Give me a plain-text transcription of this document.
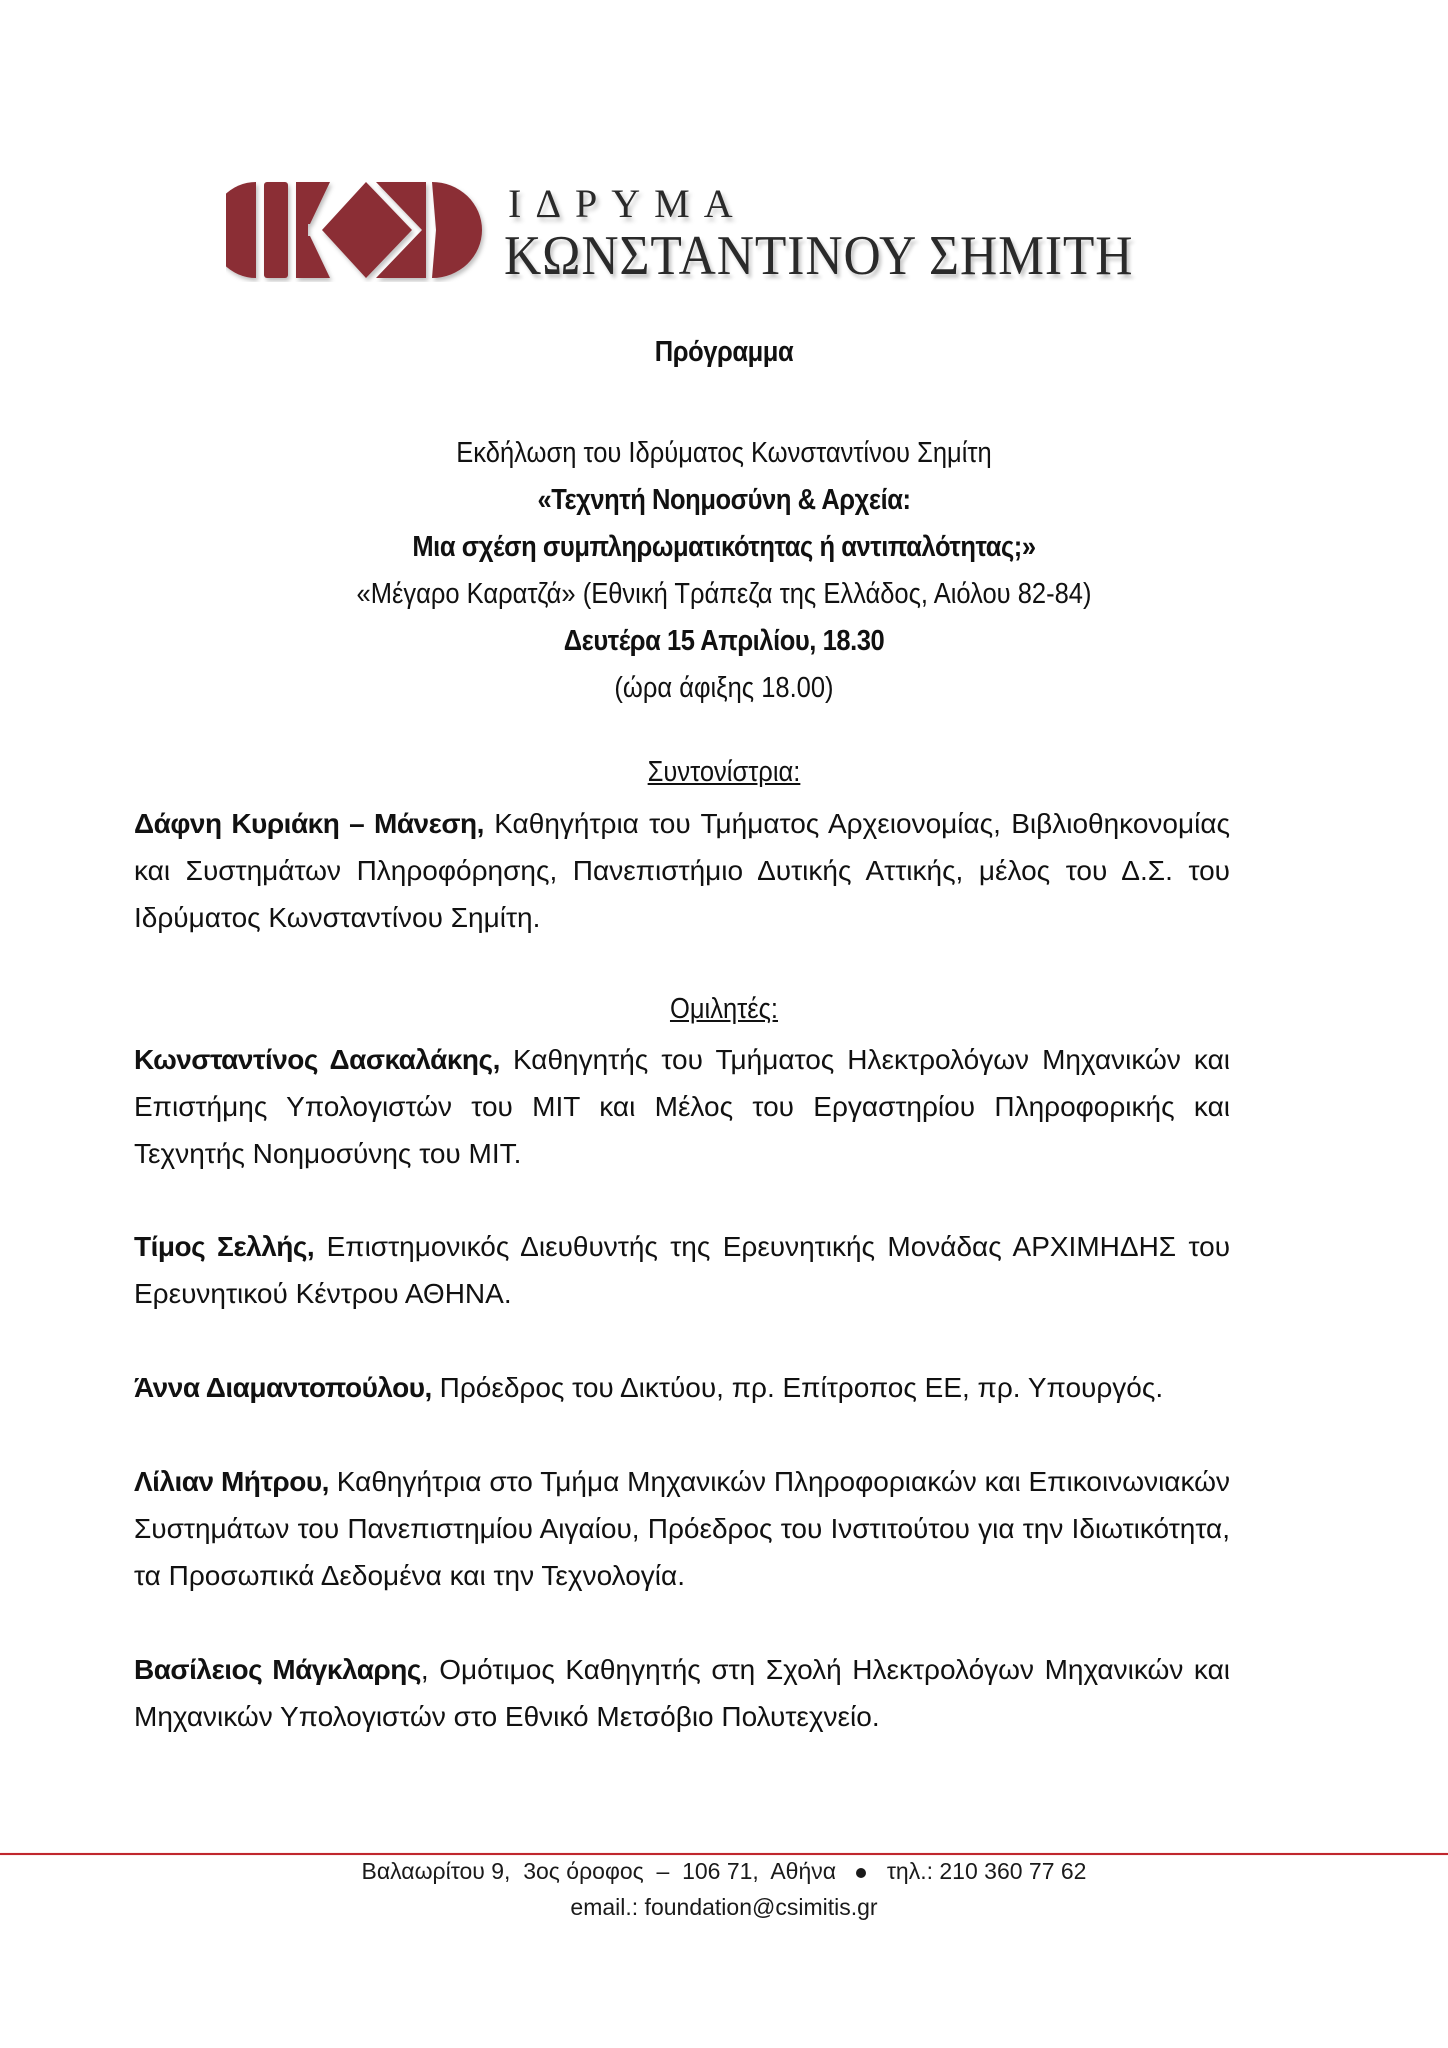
ΙΔΡΥΜΑ
ΚΩΝΣΤΑΝΤΙΝΟΥ ΣΗΜΙΤΗ
Πρόγραμμα
Εκδήλωση του Ιδρύματος Κωνσταντίνου Σημίτη
«Τεχνητή Νοημοσύνη & Αρχεία:
Μια σχέση συμπληρωματικότητας ή αντιπαλότητας;»
«Μέγαρο Καρατζά» (Εθνική Τράπεζα της Ελλάδος, Αιόλου 82-84)
Δευτέρα 15 Απριλίου, 18.30
(ώρα άφιξης 18.00)
Συντονίστρια:

Δάφνη Κυριάκη – Μάνεση, Καθηγήτρια του Τμήματος Αρχειονομίας, Βιβλιοθηκονομίας και Συστημάτων Πληροφόρησης, Πανεπιστήμιο Δυτικής Αττικής, μέλος του Δ.Σ. του Ιδρύματος Κωνσταντίνου Σημίτη.

Ομιλητές:

Κωνσταντίνος Δασκαλάκης, Καθηγητής του Τμήματος Ηλεκτρολόγων Μηχανικών και Επιστήμης Υπολογιστών του MIT και Μέλος του Εργαστηρίου Πληροφορικής και Τεχνητής Νοημοσύνης του MIT.

Τίμος Σελλής, Επιστημονικός Διευθυντής της Ερευνητικής Μονάδας ΑΡΧΙΜΗΔΗΣ του Ερευνητικού Κέντρου ΑΘΗΝΑ.

Άννα Διαμαντοπούλου, Πρόεδρος του Δικτύου, πρ. Επίτροπος ΕΕ, πρ. Υπουργός.

Λίλιαν Μήτρου, Καθηγήτρια στο Τμήμα Μηχανικών Πληροφοριακών και Επικοινωνιακών Συστημάτων του Πανεπιστημίου Αιγαίου, Πρόεδρος του Ινστιτούτου για την Ιδιωτικότητα, τα Προσωπικά Δεδομένα και την Τεχνολογία.

Βασίλειος Μάγκλαρης, Ομότιμος Καθηγητής στη Σχολή Ηλεκτρολόγων Μηχανικών και Μηχανικών Υπολογιστών στο Εθνικό Μετσόβιο Πολυτεχνείο.

Βαλαωρίτου 9,  3ος όροφος  –  106 71,  Αθήνα τηλ.: 210 360 77 62
email.: foundation@csimitis.gr
